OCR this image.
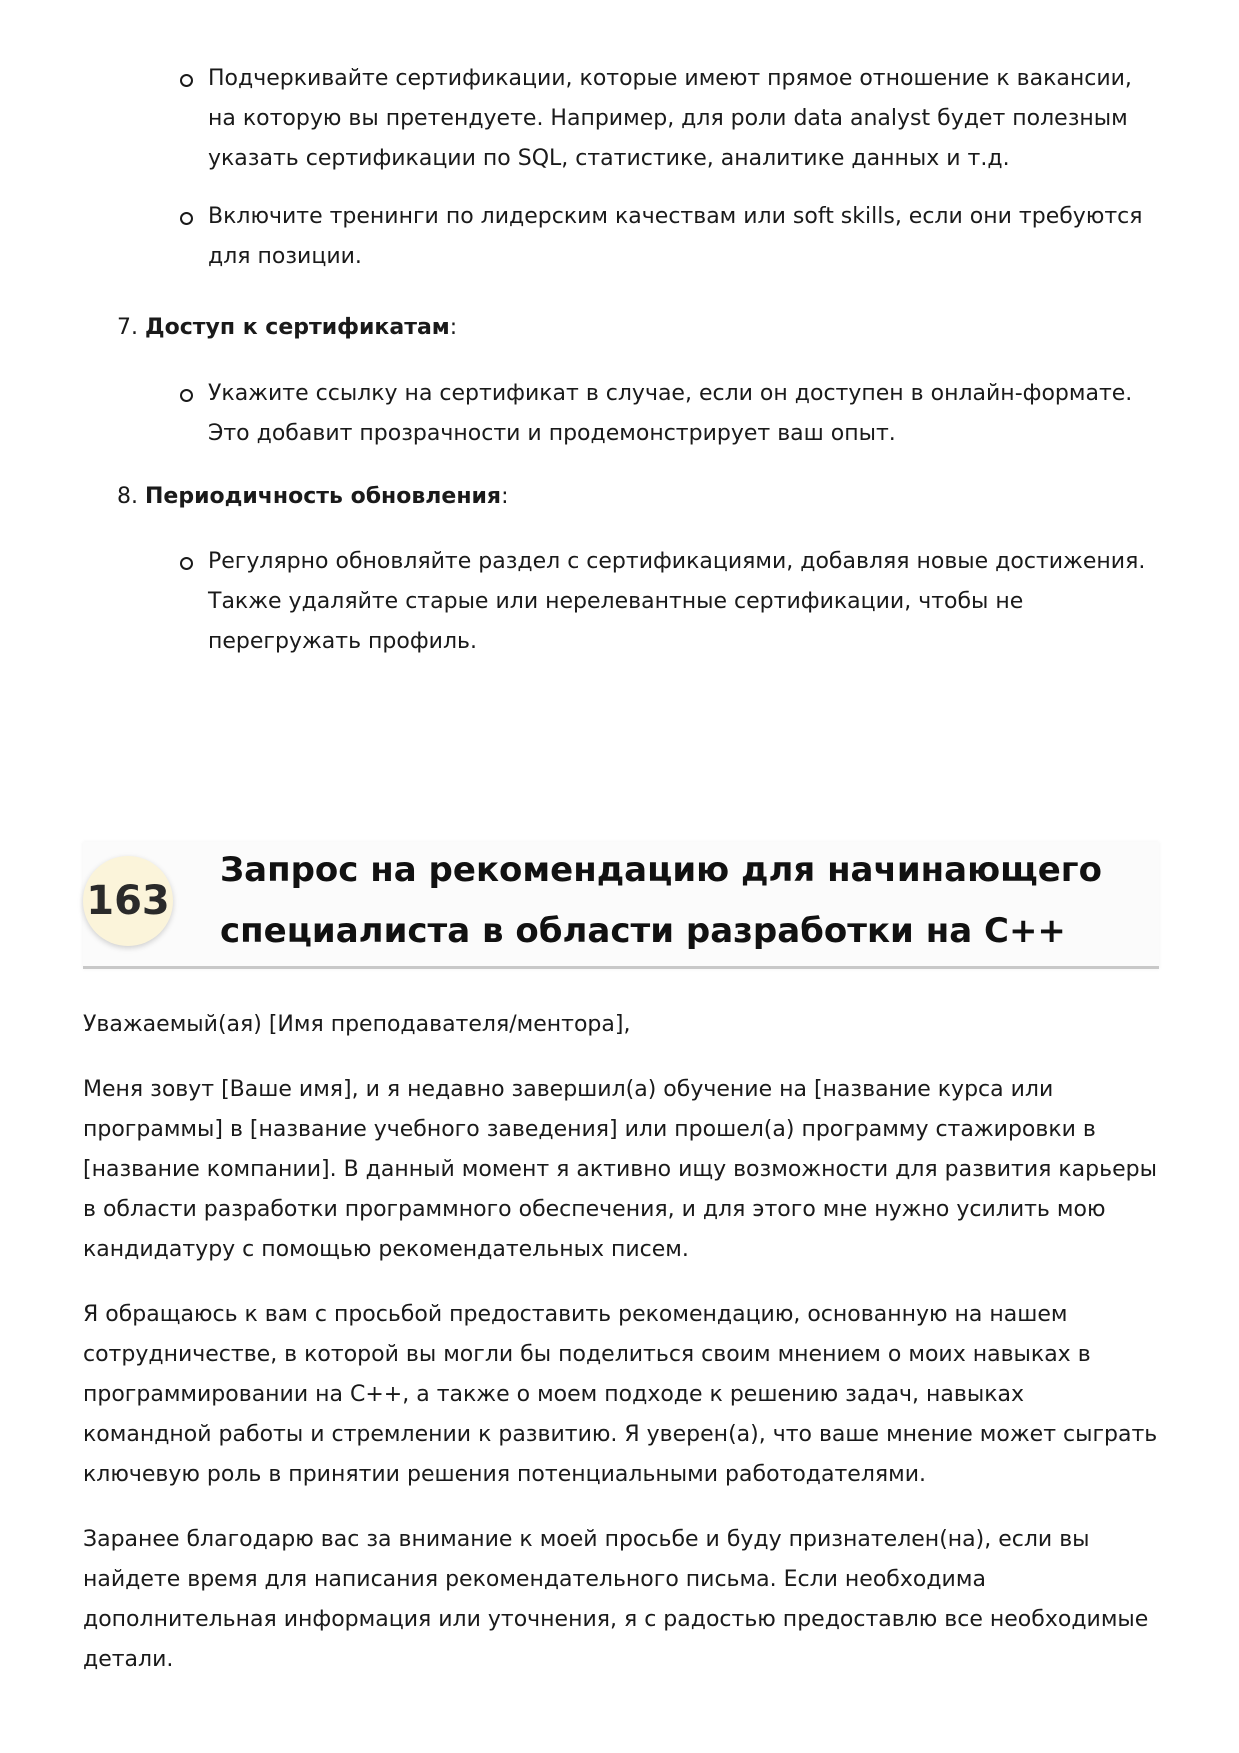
Подчеркивайте сертификации, которые имеют прямое отношение к вакансии, на которую вы претендуете. Например, для роли data analyst будет полезным указать сертификации по SQL, статистике, аналитике данных и т.д.
Включите тренинги по лидерским качествам или soft skills, если они требуются для позиции.
7. Доступ к сертификатам:
Укажите ссылку на сертификат в случае, если он доступен в онлайн-формате. Это добавит прозрачности и продемонстрирует ваш опыт.
8. Периодичность обновления:
Регулярно обновляйте раздел с сертификациями, добавляя новые достижения. Также удаляйте старые или нерелевантные сертификации, чтобы не перегружать профиль.
163
Запрос на рекомендацию для начинающего специалиста в области разработки на C++

Уважаемый(ая) [Имя преподавателя/ментора],

Меня зовут [Ваше имя], и я недавно завершил(а) обучение на [название курса или программы] в [название учебного заведения] или прошел(а) программу стажировки в [название компании]. В данный момент я активно ищу возможности для развития карьеры в области разработки программного обеспечения, и для этого мне нужно усилить мою кандидатуру с помощью рекомендательных писем.

Я обращаюсь к вам с просьбой предоставить рекомендацию, основанную на нашем сотрудничестве, в которой вы могли бы поделиться своим мнением о моих навыках в программировании на C++, а также о моем подходе к решению задач, навыках командной работы и стремлении к развитию. Я уверен(а), что ваше мнение может сыграть ключевую роль в принятии решения потенциальными работодателями.

Заранее благодарю вас за внимание к моей просьбе и буду признателен(на), если вы найдете время для написания рекомендательного письма. Если необходима дополнительная информация или уточнения, я с радостью предоставлю все необходимые детали.
